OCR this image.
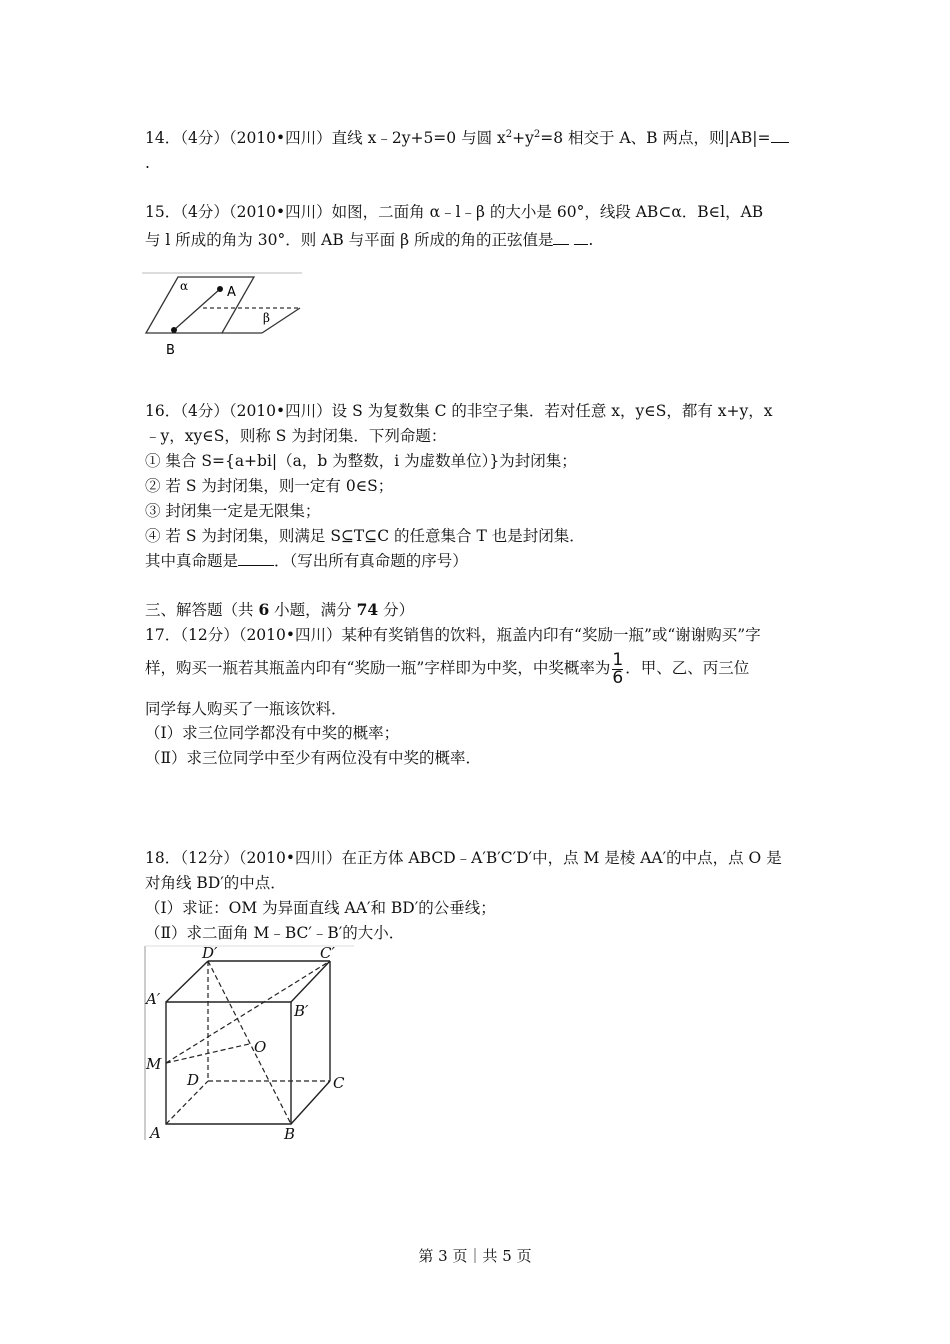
14．（4分）（2010•四川）直线 x﹣2y+5=0 与圆 $x^2+y^2=8$ 相交于 A、B 两点，则|AB|=
.
15．（4分）（2010•四川）如图，二面角 α﹣l﹣β 的大小是 60°，线段 AB⊂α．B∈l，AB
与 l 所成的角为 30°．则 AB 与平面 β 所成的角的正弦值是 .
α	A
β
B
16．（4分）（2010•四川）设 S 为复数集 C 的非空子集．若对任意 x，y∈S，都有 x+y，x
﹣y，xy∈S，则称 S 为封闭集．下列命题：
① 集合 S={a+bi|（a，b 为整数，i 为虚数单位）}为封闭集；
② 若 S 为封闭集，则一定有 0∈S；
③ 封闭集一定是无限集；
④ 若 S 为封闭集，则满足 S⊆T⊆C 的任意集合 T 也是封闭集．
其中真命题是 ．（写出所有真命题的序号）
三、解答题（共 6 小题，满分 74 分）
17．（12分）（2010•四川）某种有奖销售的饮料，瓶盖内印有“奖励一瓶”或“谢谢购买”字
样，购买一瓶若其瓶盖内印有“奖励一瓶”字样即为中奖，中奖概率为 $\frac{1}{6}$ ．甲、乙、丙三位
同学每人购买了一瓶该饮料．
（Ⅰ）求三位同学都没有中奖的概率；
（Ⅱ）求三位同学中至少有两位没有中奖的概率．
18．（12分）（2010•四川）在正方体 ABCD﹣A′B′C′D′中，点 M 是棱 AA′的中点，点 O 是
对角线 BD′的中点．
（Ⅰ）求证：OM 为异面直线 AA′和 BD′的公垂线；
（Ⅱ）求二面角 M﹣BC′﹣B′的大小．
D′	C′
A′
B′
M
O
D	C
A	B
第 3 页｜共 5 页
